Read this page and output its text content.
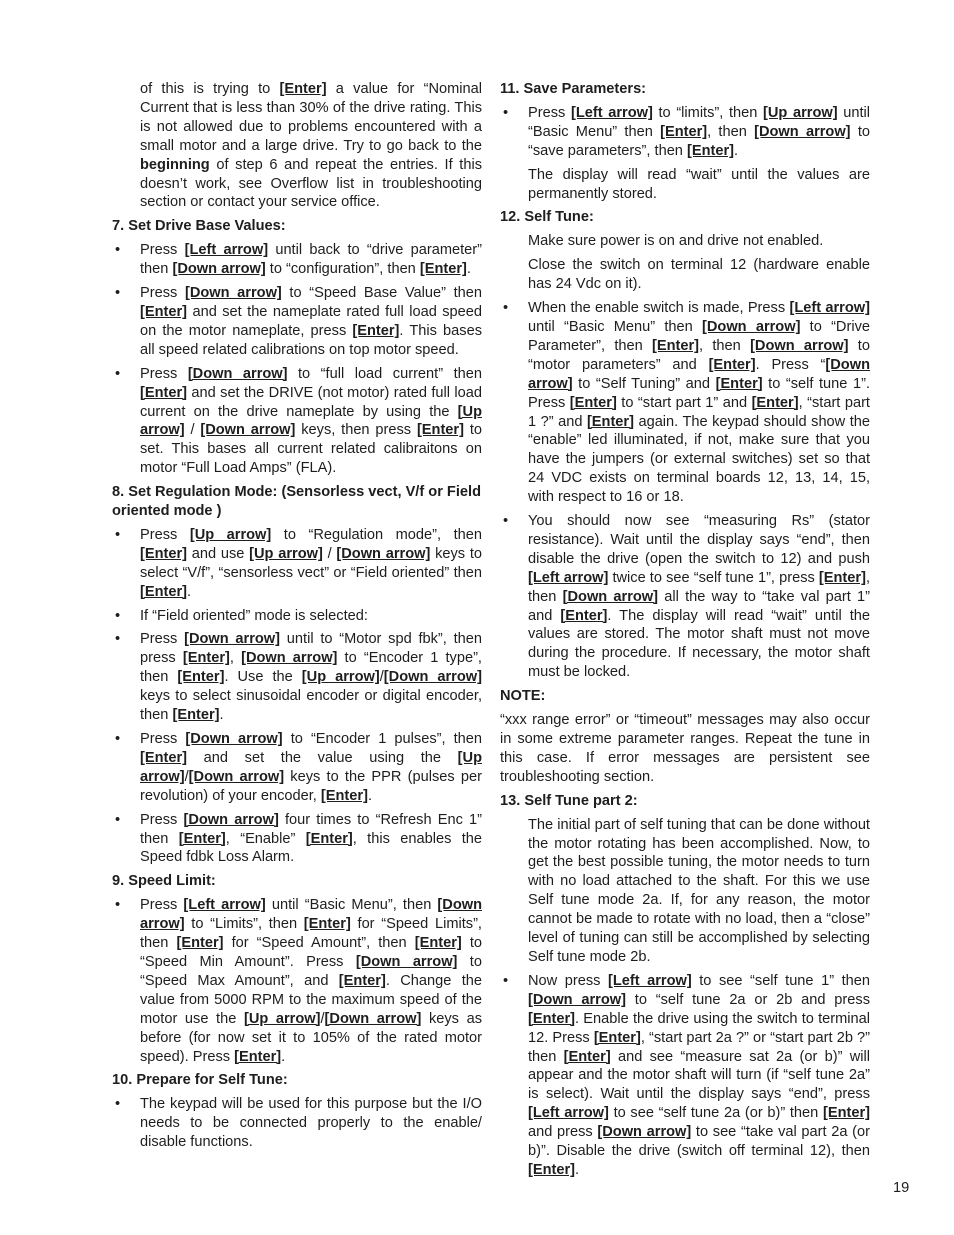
of this is trying to [Enter] a value for “Nominal Current that is less than 30% of the drive rating. This is not allowed due to problems encountered with a small motor and a large drive. Try to go back to the beginning of step 6 and repeat the entries. If this doesn’t work, see Overflow list in troubleshooting section or contact your service office.
7. Set Drive Base Values:
• Press [Left arrow] until back to “drive parameter” then [Down arrow] to “configuration”, then [Enter].
• Press [Down arrow] to “Speed Base Value” then [Enter] and set the nameplate rated full load speed on the motor nameplate, press [Enter]. This bases all speed related calibrations on top motor speed.
• Press [Down arrow] to “full load current” then [Enter] and set the DRIVE (not motor) rated full load current on the drive nameplate by using the [Up arrow] / [Down arrow] keys, then press [Enter] to set. This bases all current related calibraitons on motor “Full Load Amps” (FLA).
8. Set Regulation Mode: (Sensorless vect, V/f or Field oriented mode )
• Press [Up arrow] to “Regulation mode”, then [Enter] and use [Up arrow] / [Down arrow] keys to select “V/f”, “sensorless vect” or “Field oriented” then [Enter].
• If “Field oriented” mode is selected:
• Press [Down arrow] until to “Motor spd fbk”, then press [Enter], [Down arrow] to “Encoder 1 type”, then [Enter]. Use the [Up arrow]/[Down arrow] keys to select sinusoidal encoder or digital encoder, then [Enter].
• Press [Down arrow] to “Encoder 1 pulses”, then [Enter] and set the value using the [Up arrow]/[Down arrow] keys to the PPR (pulses per revolution) of your encoder, [Enter].
• Press [Down arrow] four times to “Refresh Enc 1” then [Enter], “Enable” [Enter], this enables the Speed fdbk Loss Alarm.
9. Speed Limit:
• Press [Left arrow] until “Basic Menu”, then [Down arrow] to “Limits”, then [Enter] for “Speed Limits”, then [Enter] for “Speed Amount”, then [Enter] to “Speed Min Amount”. Press [Down arrow] to “Speed Max Amount”, and [Enter]. Change the value from 5000 RPM to the maximum speed of the motor use the [Up arrow]/[Down arrow] keys as before (for now set it to 105% of the rated motor speed). Press [Enter].
10. Prepare for Self Tune:
• The keypad will be used for this purpose but the I/O needs to be connected properly to the enable/ disable functions.
11. Save Parameters:
• Press [Left arrow] to “limits”, then [Up arrow] until “Basic Menu” then [Enter], then [Down arrow] to “save parameters”, then [Enter].
The display will read “wait” until the values are permanently stored.
12. Self Tune:
Make sure power is on and drive not enabled.
Close the switch on terminal 12 (hardware enable has 24 Vdc on it).
• When the enable switch is made, Press [Left arrow] until “Basic Menu” then [Down arrow] to “Drive Parameter”, then [Enter], then [Down arrow] to “motor parameters” and [Enter]. Press “[Down arrow] to “Self Tuning” and [Enter] to “self tune 1”. Press [Enter] to “start part 1” and [Enter], “start part 1 ?” and [Enter] again. The keypad should show the “enable” led illuminated, if not, make sure that you have the jumpers (or external switches) set so that 24 VDC exists on terminal boards 12, 13, 14, 15, with respect to 16 or 18.
• You should now see “measuring Rs” (stator resistance). Wait until the display says “end”, then disable the drive (open the switch to 12) and push [Left arrow] twice to see “self tune 1”, press [Enter], then [Down arrow] all the way to “take val part 1” and [Enter]. The display will read “wait” until the values are stored. The motor shaft must not move during the procedure. If necessary, the motor shaft must be locked.
NOTE:
“xxx range error” or “timeout” messages may also occur in some extreme parameter ranges. Repeat the tune in this case. If error messages are persistent see troubleshooting section.
13. Self Tune part 2:
The initial part of self tuning that can be done without the motor rotating has been accomplished. Now, to get the best possible tuning, the motor needs to turn with no load attached to the shaft. For this we use Self tune mode 2a. If, for any reason, the motor cannot be made to rotate with no load, then a “close” level of tuning can still be accomplished by selecting Self tune mode 2b.
• Now press [Left arrow] to see “self tune 1” then [Down arrow] to “self tune 2a or 2b and press [Enter]. Enable the drive using the switch to terminal 12. Press [Enter], “start part 2a ?” or “start part 2b ?” then [Enter] and see “measure sat 2a (or b)” will appear and the motor shaft will turn (if “self tune 2a” is select). Wait until the display says “end”, press [Left arrow] to see “self tune 2a (or b)” then [Enter] and press [Down arrow] to see “take val part 2a (or b)”. Disable the drive (switch off terminal 12), then [Enter].
19
